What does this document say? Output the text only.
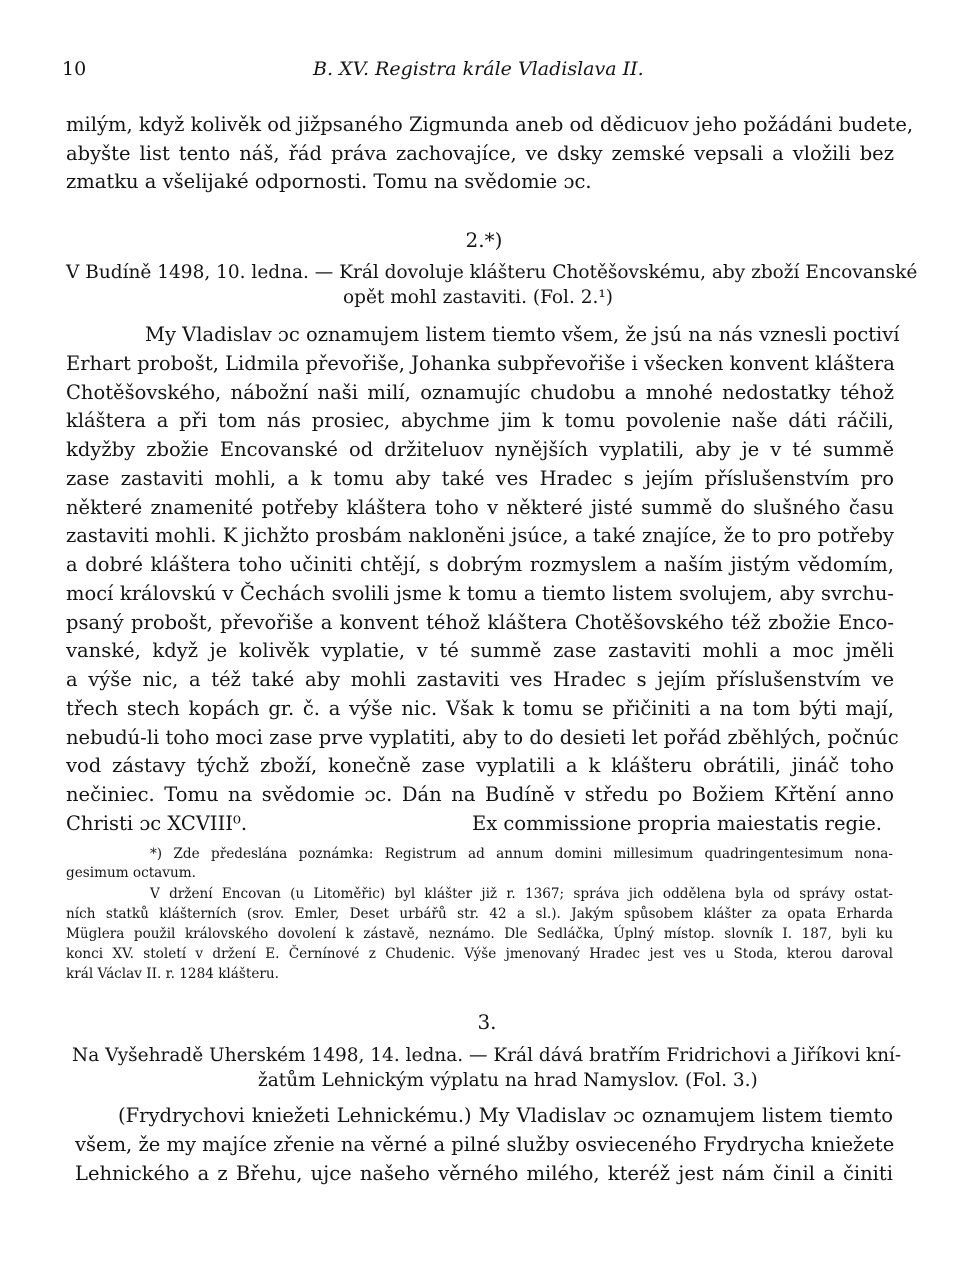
10	B. XV. Registra krále Vladislava II.
milým, když kolivěk od jižpsaného Zigmunda aneb od dědicuov jeho požádáni budete,
abyšte list tento náš, řád práva zachovajíce, ve dsky zemské vepsali a vložili bez
zmatku a všelijaké odpornosti. Tomu na svědomie ɔc.
2.*)
V Budíně 1498, 10. ledna. — Král dovoluje klášteru Chotěšovskému, aby zboží Encovanské
opět mohl zastaviti. (Fol. 2.¹)
My Vladislav ɔc oznamujem listem tiemto všem, že jsú na nás vznesli poctiví
Erhart probošt, Lidmila převořiše, Johanka subpřevořiše i všecken konvent kláštera
Chotěšovského, nábožní naši milí, oznamujíc chudobu a mnohé nedostatky téhož
kláštera a při tom nás prosiec, abychme jim k tomu povolenie naše dáti ráčili,
kdyžby zbožie Encovanské od držiteluov nynějších vyplatili, aby je v té summě
zase zastaviti mohli, a k tomu aby také ves Hradec s jejím příslušenstvím pro
některé znamenité potřeby kláštera toho v některé jisté summě do slušného času
zastaviti mohli. K jichžto prosbám nakloněni jsúce, a také znajíce, že to pro potřeby
a dobré kláštera toho učiniti chtějí, s dobrým rozmyslem a naším jistým vědomím,
mocí královskú v Čechách svolili jsme k tomu a tiemto listem svolujem, aby svrchu-
psaný probošt, převořiše a konvent téhož kláštera Chotěšovského též zbožie Enco-
vanské, když je kolivěk vyplatie, v té summě zase zastaviti mohli a moc jměli
a výše nic, a též také aby mohli zastaviti ves Hradec s jejím příslušenstvím ve
třech stech kopách gr. č. a výše nic. Však k tomu se přičiniti a na tom býti mají,
nebudú-li toho moci zase prve vyplatiti, aby to do desieti let pořád zběhlých, počnúc
vod zástavy týchž zboží, konečně zase vyplatili a k klášteru obrátili, jináč toho
nečiniec. Tomu na svědomie ɔc. Dán na Budíně v středu po Božiem Křtění anno
Christi ɔc XCVIII⁰.	Ex commissione propria maiestatis regie.
*) Zde předeslána poznámka: Registrum ad annum domini millesimum quadringentesimum nona-
gesimum octavum.
V držení Encovan (u Litoměřic) byl klášter již r. 1367; správa jich oddělena byla od správy ostat-
ních statků klášterních (srov. Emler, Deset urbářů str. 42 a sl.). Jakým spůsobem klášter za opata Erharda
Müglera použil královského dovolení k zástavě, neznámo. Dle Sedláčka, Úplný místop. slovník I. 187, byli ku
konci XV. století v držení E. Černínové z Chudenic. Výše jmenovaný Hradec jest ves u Stoda, kterou daroval
král Václav II. r. 1284 klášteru.
3.
Na Vyšehradě Uherském 1498, 14. ledna. — Král dává bratřím Fridrichovi a Jiříkovi kní-
žatům Lehnickým výplatu na hrad Namyslov. (Fol. 3.)
(Frydrychovi kniežeti Lehnickému.) My Vladislav ɔc oznamujem listem tiemto
všem, že my majíce zřenie na věrné a pilné služby osvieceného Frydrycha kniežete
Lehnického a z Břehu, ujce našeho věrného milého, kteréž jest nám činil a činiti
